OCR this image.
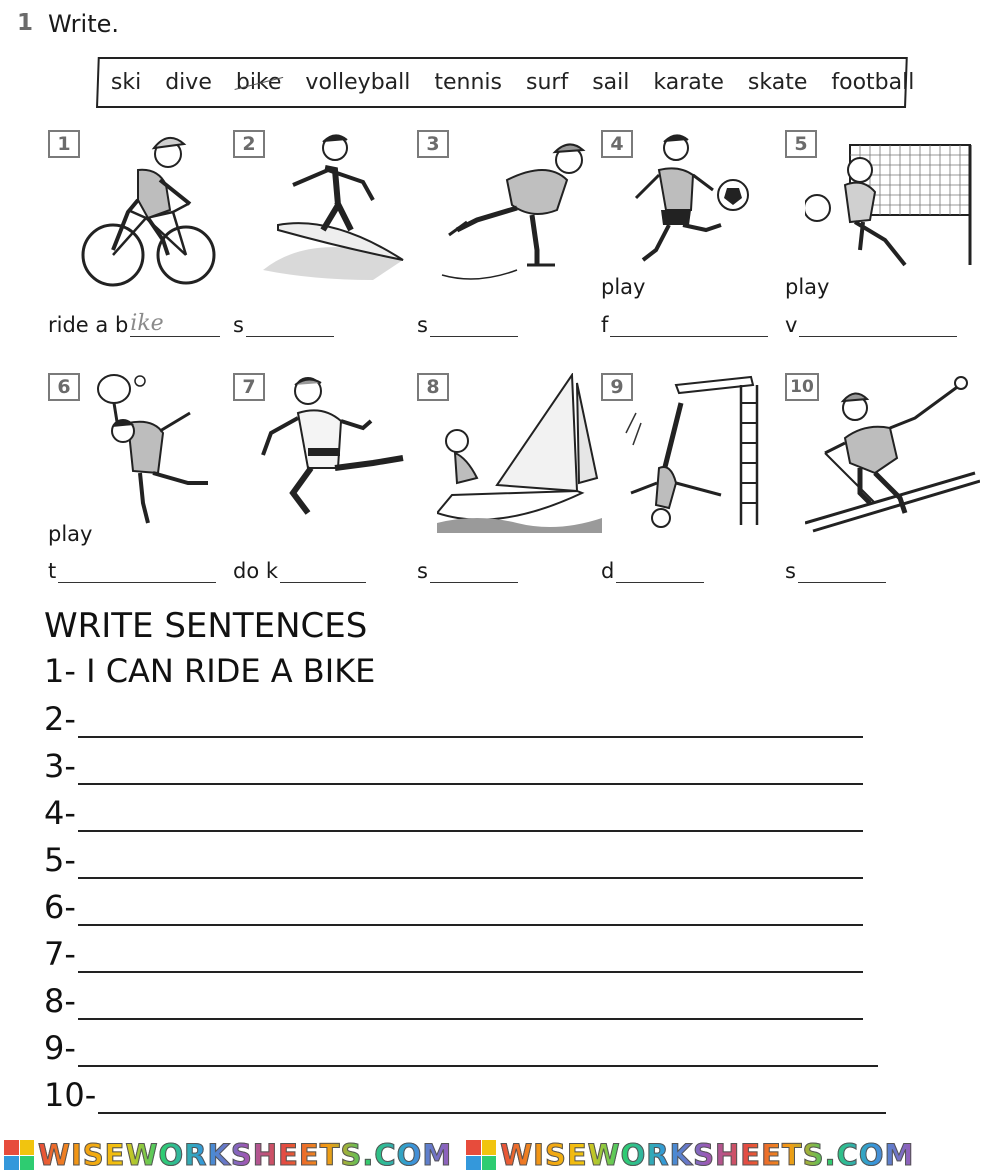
1 Write.
ski dive bike volleyball tennis surf sail karate skate football
1
ride a b ike
2
s
3
s
4
play
f
5
play
v
6
play
t
7
do k
8
s
9
d
10
s
WRITE SENTENCES
1- I CAN RIDE A BIKE
2-
3-
4-
5-
6-
7-
8-
9-
10-
WISEWORKSHEETS.COM WISEWORKSHEETS.COM
